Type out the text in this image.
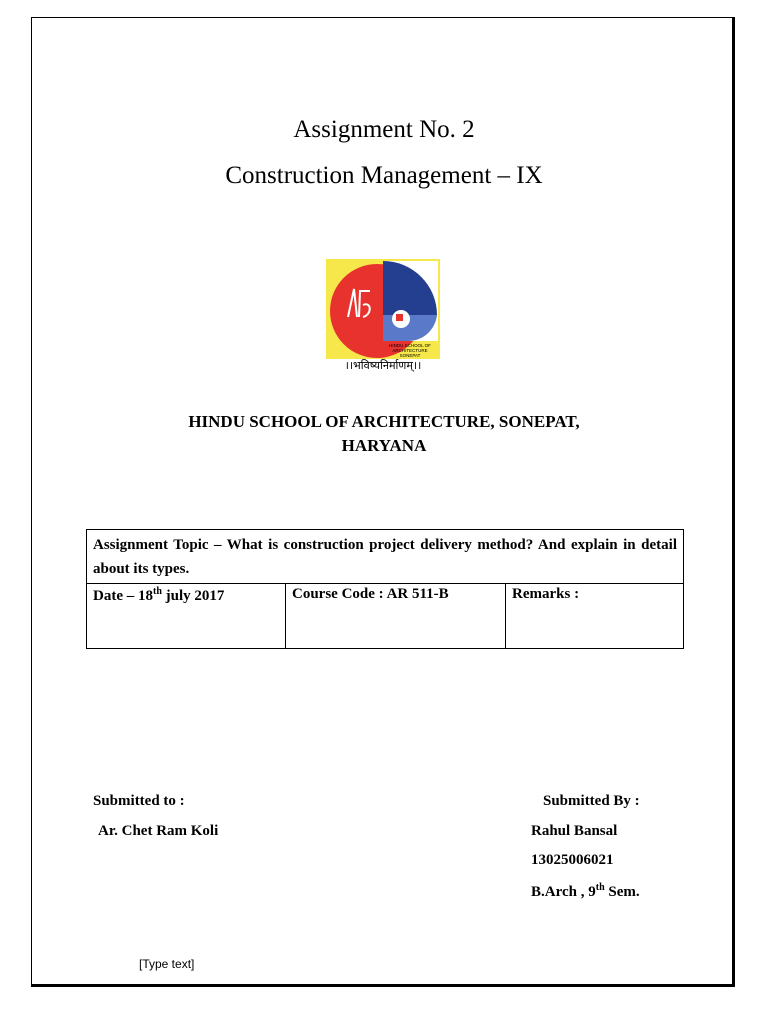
Assignment No. 2
Construction Management – IX
HINDU SCHOOL OF
ARCHITECTURE
SONEPAT
।।भविष्यनिर्माणम्।।
HINDU SCHOOL OF ARCHITECTURE, SONEPAT,
HARYANA
Assignment Topic – What is construction project delivery method? And explain in detail about its types.
Date – 18th july 2017	Course Code : AR 511-B	Remarks :
Submitted to :
Ar. Chet Ram Koli
Submitted By :
Rahul Bansal
13025006021
B.Arch , 9th Sem.
[Type text]
